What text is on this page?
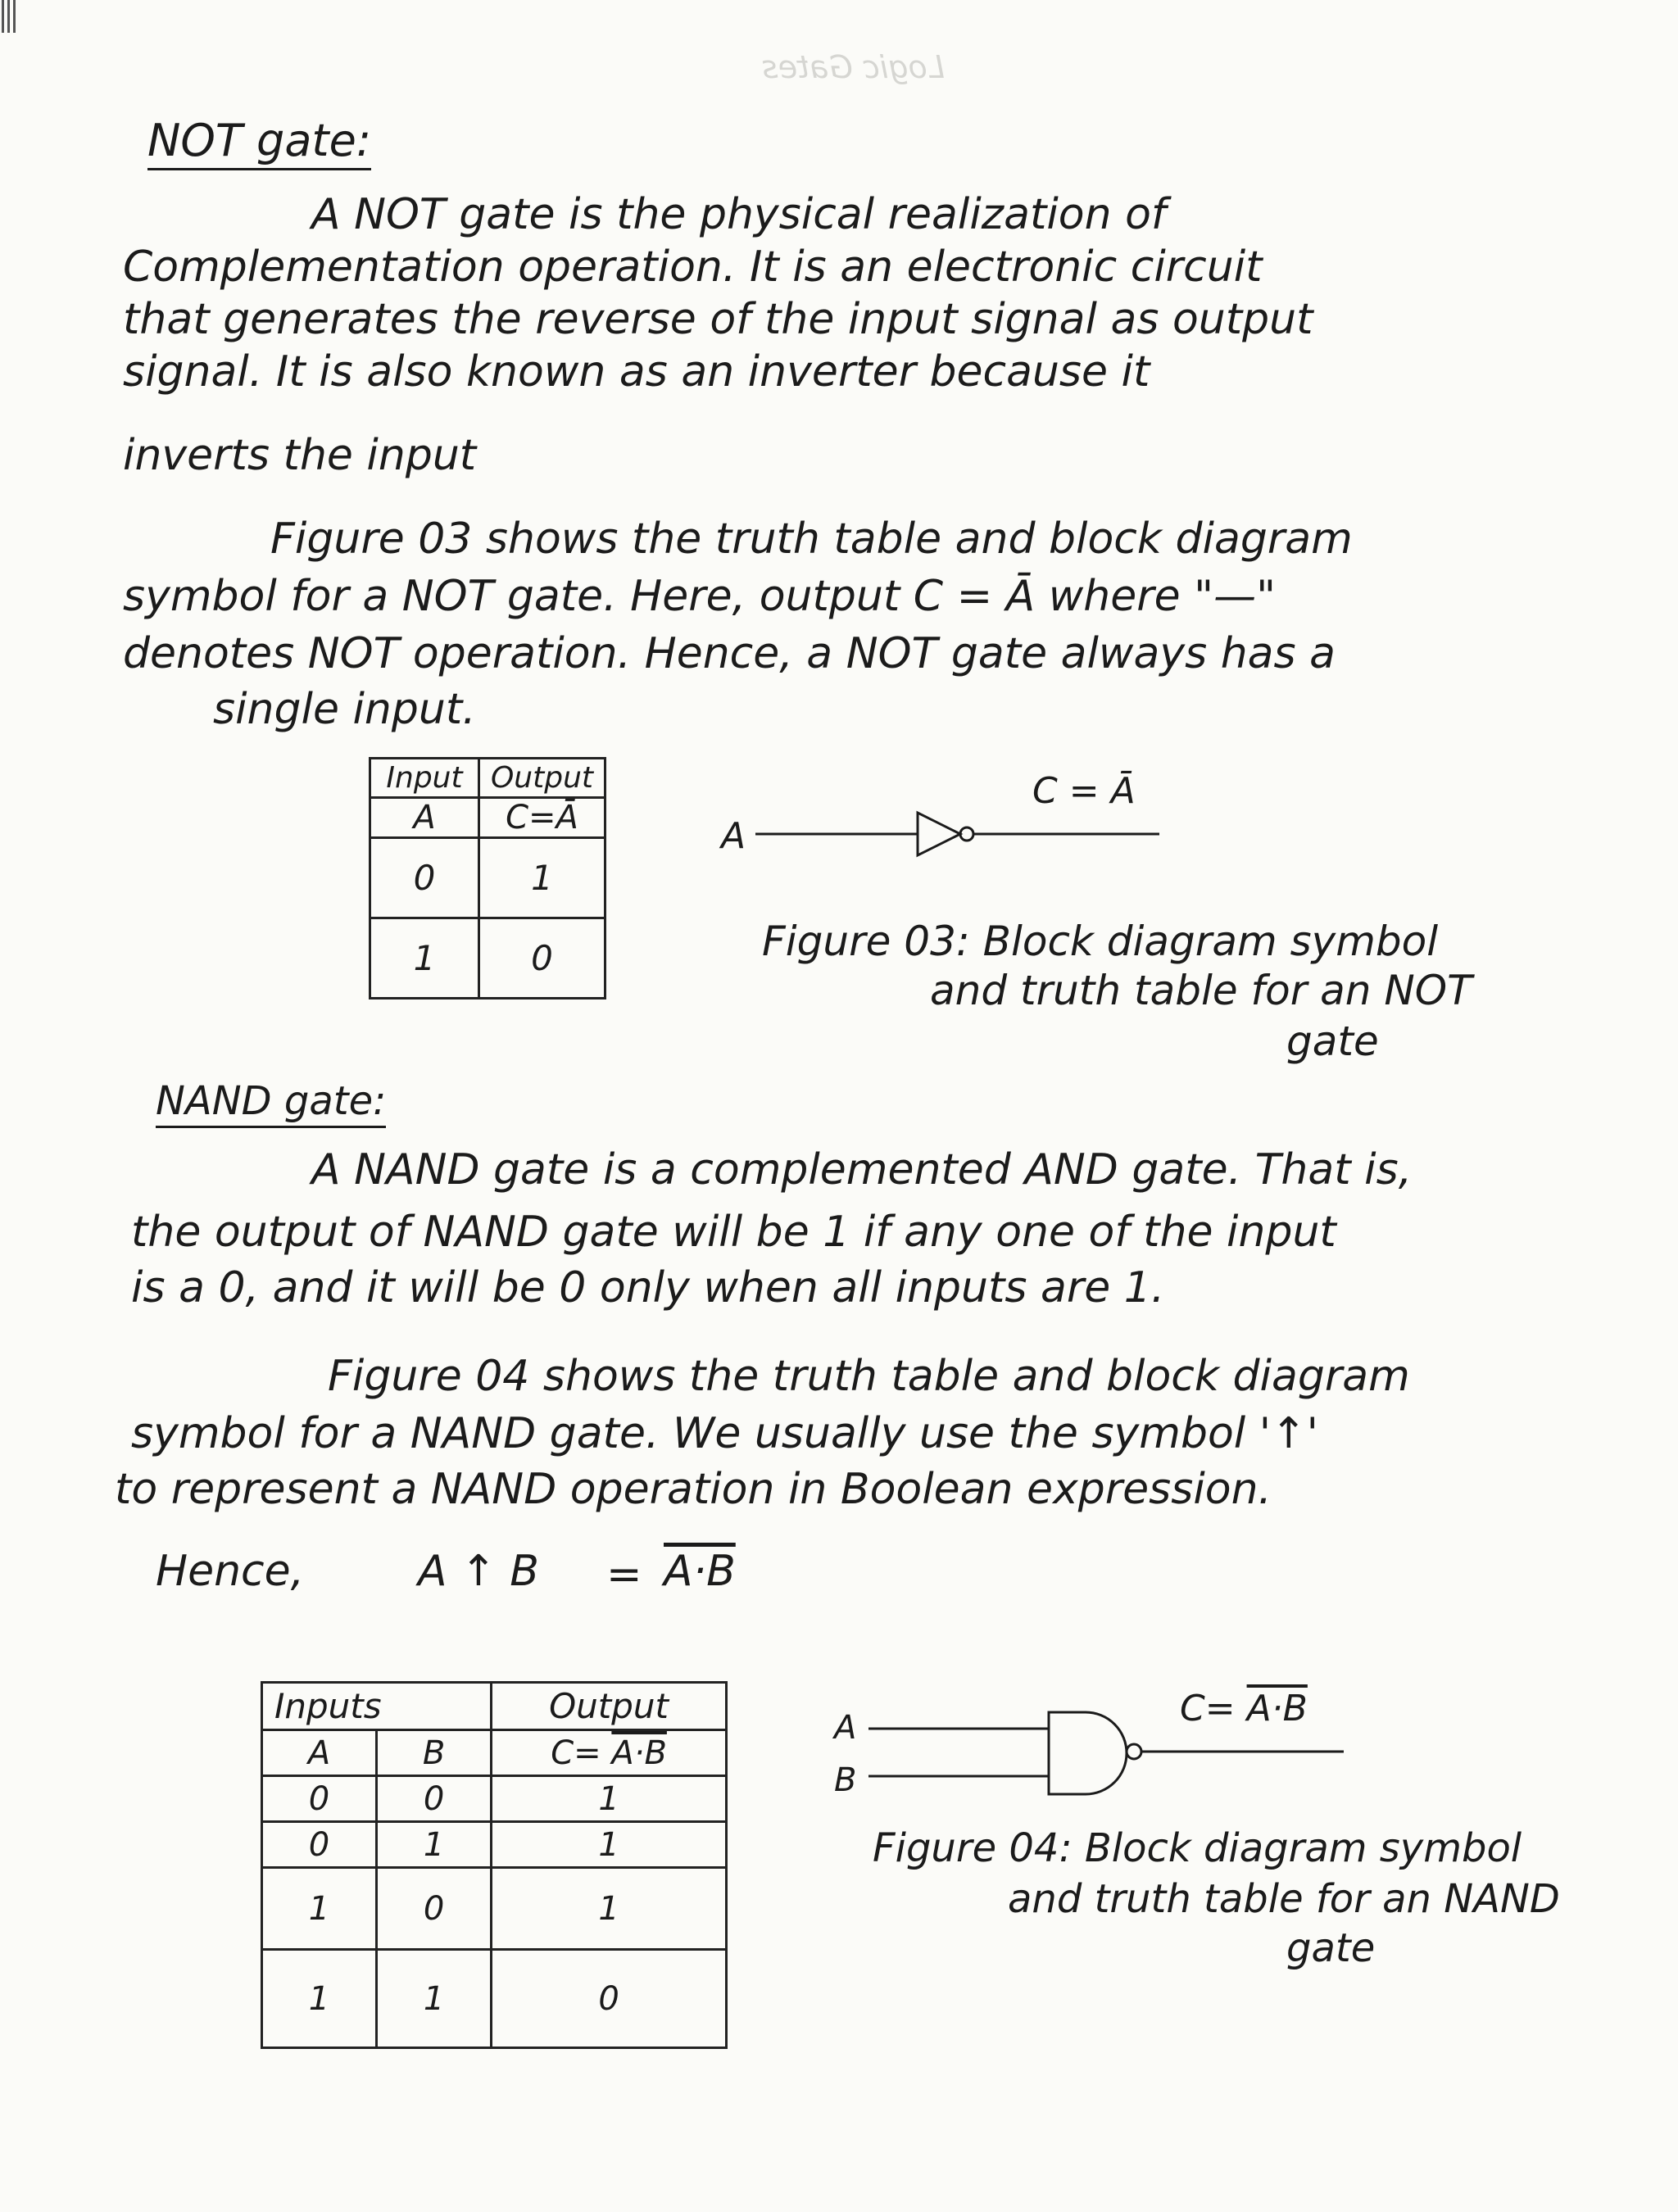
Logic Gates
NOT gate:
A NOT gate is the physical realization of
Complementation operation. It is an electronic circuit
that generates the reverse of the input signal as output
signal. It is also known as an inverter because it
inverts the input
Figure 03 shows the truth table and block diagram
symbol for a NOT gate. Here, output C = Ā where "—"
denotes NOT operation. Hence, a NOT gate always has a
single input.
Input	Output
A	C=Ā
0	1
1	0
A
C = Ā
Figure 03: Block diagram symbol
and truth table for an NOT
gate
NAND gate:
A NAND gate is a complemented AND gate. That is,
the output of NAND gate will be 1 if any one of the input
is a 0, and it will be 0 only when all inputs are 1.
Figure 04 shows the truth table and block diagram
symbol for a NAND gate. We usually use the symbol '↑'
to represent a NAND operation in Boolean expression.
Hence,	A ↑ B = A·B
Inputs		Output
A	B	C= A·B
0	0	1
0	1	1
1	0	1
1	1	0
A
B
C= A·B
Figure 04: Block diagram symbol
and truth table for an NAND
gate
